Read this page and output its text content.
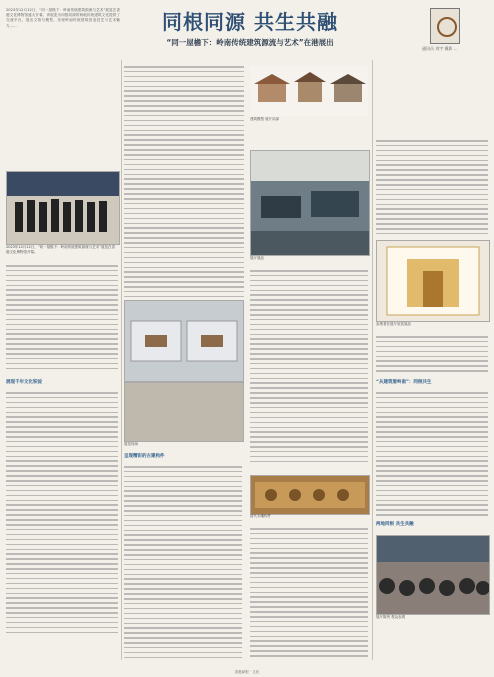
同根同源 共生共融
“同一屋檐下：岭南传统建筑源流与艺术”在港展出
通讯员 刘宇 摄影 ...
2023年12月12日，“同一屋檐下：岭南传统建筑源流与艺术”展览在香港文化博物馆盛大开幕，该展览为同根同源的两地传统建筑文化提供了交流平台，展出文物与模型，呈现岭南传统建筑营造技艺与艺术魅力……
2023年12月12日，“同一屋檐下：岭南传统建筑源流与艺术”展览在香港文化博物馆开幕。
展现千年文化积淀
建筑模型 展厅局部
展厅展品
展览现场
呈现精彩的古建构件
清代木雕构件
参观者在展厅欣赏展品
“从建筑看岭南”：同根共生
两地同根 共生共融
展厅陈列 观众参观
香港商报 · 文化
